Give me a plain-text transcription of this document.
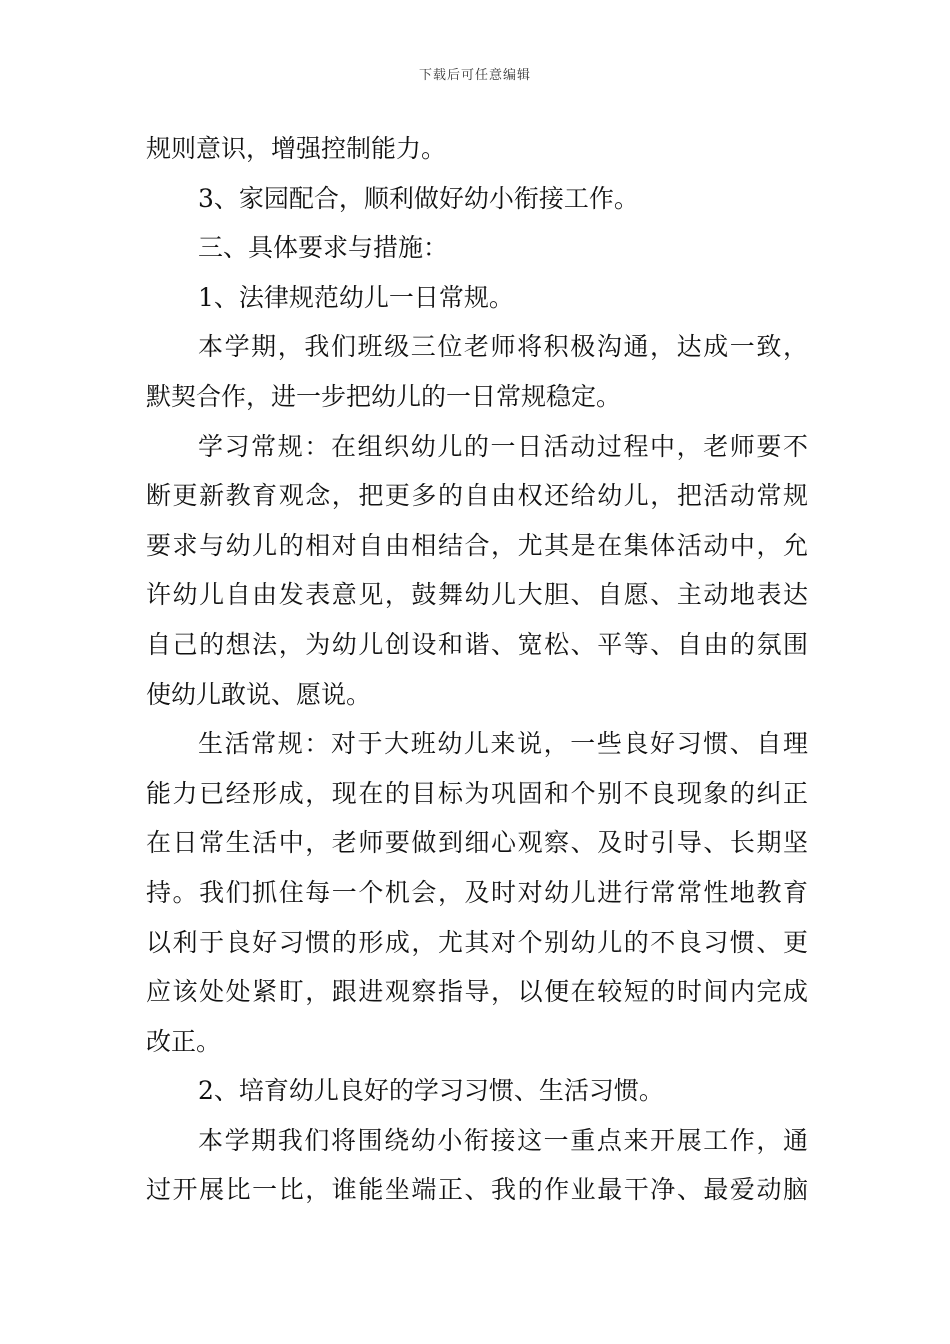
下载后可任意编辑
规则意识，增强控制能力。
3、家园配合，顺利做好幼小衔接工作。
三、具体要求与措施：
1、法律规范幼儿一日常规。
本学期，我们班级三位老师将积极沟通，达成一致，
默契合作，进一步把幼儿的一日常规稳定。
学习常规：在组织幼儿的一日活动过程中，老师要不
断更新教育观念，把更多的自由权还给幼儿，把活动常规
要求与幼儿的相对自由相结合，尤其是在集体活动中，允
许幼儿自由发表意见，鼓舞幼儿大胆、自愿、主动地表达
自己的想法，为幼儿创设和谐、宽松、平等、自由的氛围
使幼儿敢说、愿说。
生活常规：对于大班幼儿来说，一些良好习惯、自理
能力已经形成，现在的目标为巩固和个别不良现象的纠正
在日常生活中，老师要做到细心观察、及时引导、长期坚
持。我们抓住每一个机会，及时对幼儿进行常常性地教育
以利于良好习惯的形成，尤其对个别幼儿的不良习惯、更
应该处处紧盯，跟进观察指导，以便在较短的时间内完成
改正。
2、培育幼儿良好的学习习惯、生活习惯。
本学期我们将围绕幼小衔接这一重点来开展工作，通
过开展比一比，谁能坐端正、我的作业最干净、最爱动脑
